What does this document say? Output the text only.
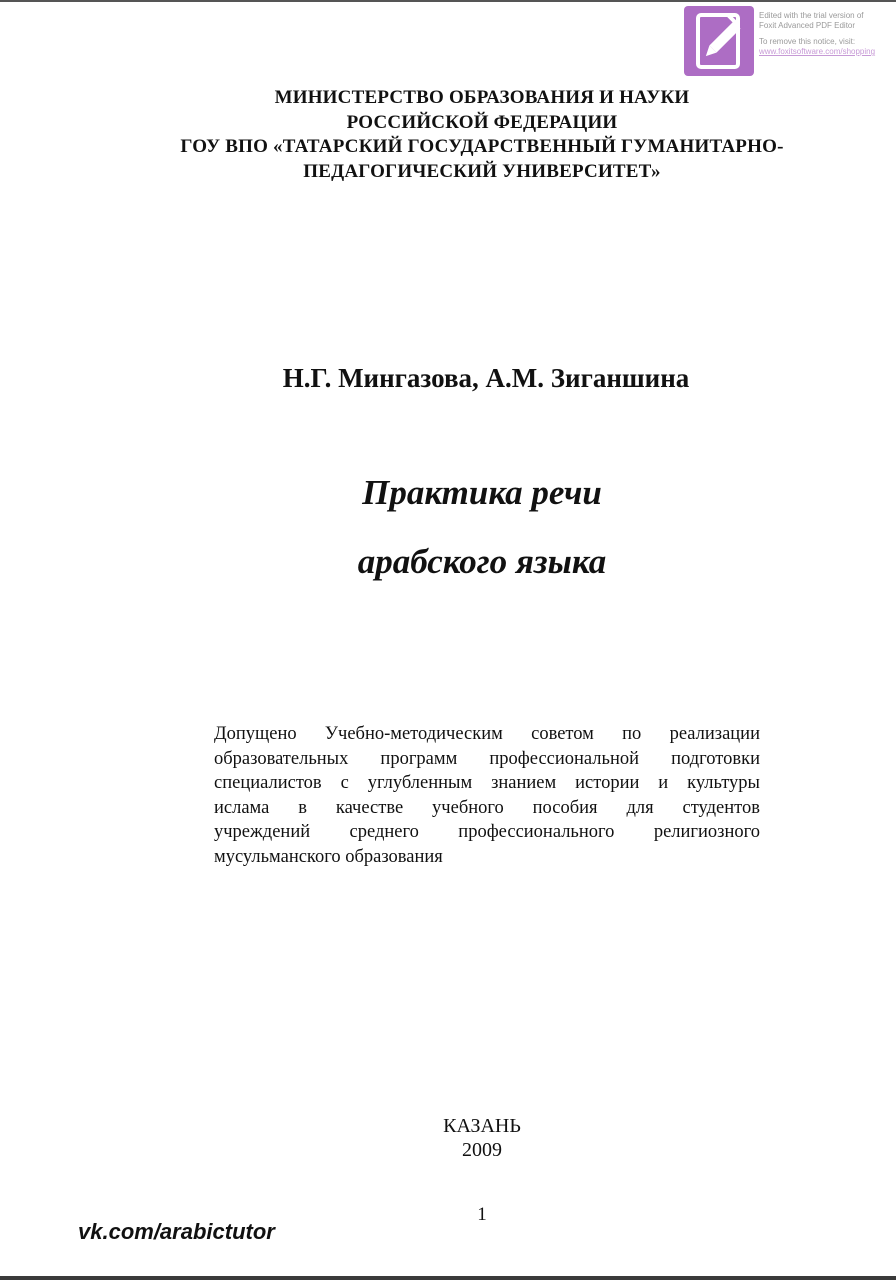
Edited with the trial version of
Foxit Advanced PDF Editor
To remove this notice, visit:
www.foxitsoftware.com/shopping
МИНИСТЕРСТВО ОБРАЗОВАНИЯ И НАУКИ
РОССИЙСКОЙ ФЕДЕРАЦИИ
ГОУ ВПО «ТАТАРСКИЙ ГОСУДАРСТВЕННЫЙ ГУМАНИТАРНО-
ПЕДАГОГИЧЕСКИЙ УНИВЕРСИТЕТ»
Н.Г. Мингазова, А.М. Зиганшина
Практика речи
арабского языка
Допущено Учебно-методическим советом по реализации
образовательных программ профессиональной подготовки
специалистов с углубленным знанием истории и культуры
ислама в качестве учебного пособия для студентов
учреждений среднего профессионального религиозного
мусульманского образования
КАЗАНЬ
2009
1
vk.com/arabictutor
